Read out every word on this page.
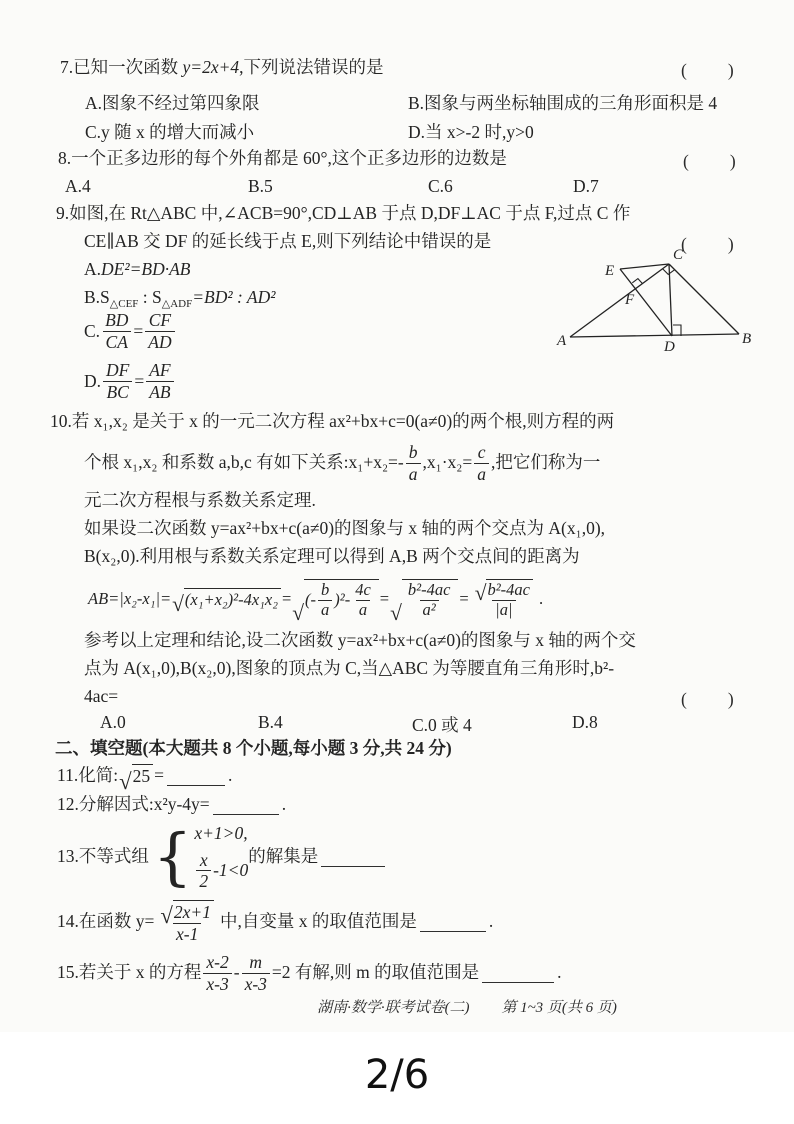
7.已知一次函数 y=2x+4,下列说法错误的是	(　　)
A.图象不经过第四象限	B.图象与两坐标轴围成的三角形面积是 4
C.y 随 x 的增大而减小	D.当 x>-2 时,y>0
8.一个正多边形的每个外角都是 60°,这个正多边形的边数是	(　　)
A.4	B.5	C.6	D.7
9.如图,在 Rt△ABC 中,∠ACB=90°,CD⊥AB 于点 D,DF⊥AC 于点 F,过点 C 作
CE∥AB 交 DF 的延长线于点 E,则下列结论中错误的是	(　　)
A.DE²=BD·AB
$B.S_{\triangle CEF}$ : $S_{\triangle ADF}=BD^2$ : AD²
C. $\frac{BD}{CA} = \frac{CF}{AD}$
D. $\frac{DF}{BC} = \frac{AF}{AB}$
A	B
C
D
E
F
10.若 x₁,x₂ 是关于 x 的一元二次方程 ax²+bx+c=0(a≠0)的两个根,则方程的两
个根 x₁,x₂ 和系数 a,b,c 有如下关系:x₁+x₂=- $\frac{b}{a} ,x_1\cdot x_2= \frac{c}{a}$ ,把它们称为一
元二次方程根与系数关系定理.
如果设二次函数 y=ax²+bx+c(a≠0)的图象与 x 轴的两个交点为 A(x₁,0),
B(x₂,0).利用根与系数关系定理可以得到 A,B 两个交点间的距离为
AB=|x₂-x₁|= √ (x₁+x₂)²-4x₁x₂ = √ (- $\frac{b}{a} )^2- \frac{4c}{a}$ = √ $\frac{\text{b²-4ac}}{\text{a²}}$ = √ $\frac{\text{b²-4ac}}{|a|}$ .
参考以上定理和结论,设二次函数 y=ax²+bx+c(a≠0)的图象与 x 轴的两个交
点为 A(x₁,0),B(x₂,0),图象的顶点为 C,当△ABC 为等腰直角三角形时,b²-
4ac=	(　　)
A.0	B.4	C.0 或 4	D.8
二、填空题(本大题共 8 个小题,每小题 3 分,共 24 分)
11.化简: √ 25 =	.
12.分解因式:x²y-4y=	.
13.不等式组
{
x+1>0,
$\frac{x}{2} -1<0$
的解集是
14.在函数 y= √ $\frac{2x+1}{x-1}$ 中,自变量 x 的取值范围是	.
15.若关于 x 的方程 $\frac{x-2}{x-3} - \frac{m}{x-3} =2$ 有解,则 m 的取值范围是	.
湖南·数学·联考试卷(二) 第 1~3 页(共 6 页)
2/6
